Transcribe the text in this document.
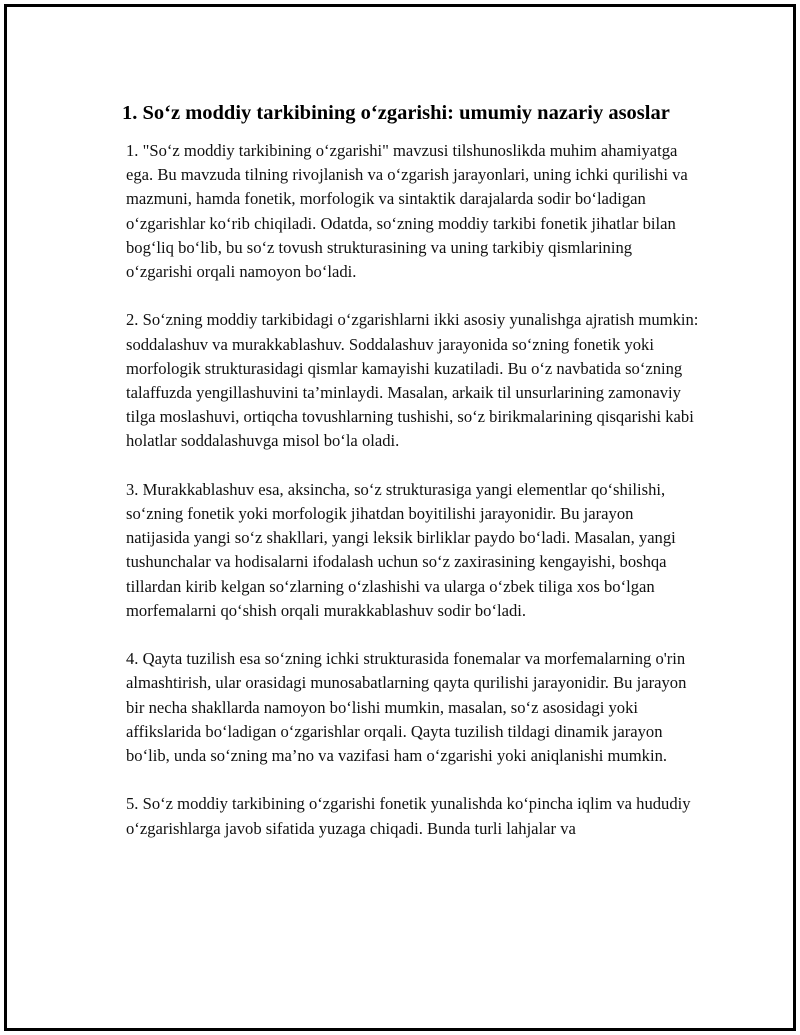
1. So‘z moddiy tarkibining o‘zgarishi: umumiy nazariy asoslar

1. "So‘z moddiy tarkibining o‘zgarishi" mavzusi tilshunoslikda muhim ahamiyatga ega. Bu mavzuda tilning rivojlanish va o‘zgarish jarayonlari, uning ichki qurilishi va mazmuni, hamda fonetik, morfologik va sintaktik darajalarda sodir bo‘ladigan o‘zgarishlar ko‘rib chiqiladi. Odatda, so‘zning moddiy tarkibi fonetik jihatlar bilan bog‘liq bo‘lib, bu so‘z tovush strukturasining va uning tarkibiy qismlarining o‘zgarishi orqali namoyon bo‘ladi.

2. So‘zning moddiy tarkibidagi o‘zgarishlarni ikki asosiy yunalishga ajratish mumkin: soddalashuv va murakkablashuv. Soddalashuv jarayonida so‘zning fonetik yoki morfologik strukturasidagi qismlar kamayishi kuzatiladi. Bu o‘z navbatida so‘zning talaffuzda yengillashuvini ta’minlaydi. Masalan, arkaik til unsurlarining zamonaviy tilga moslashuvi, ortiqcha tovushlarning tushishi, so‘z birikmalarining qisqarishi kabi holatlar soddalashuvga misol bo‘la oladi.

3. Murakkablashuv esa, aksincha, so‘z strukturasiga yangi elementlar qo‘shilishi, so‘zning fonetik yoki morfologik jihatdan boyitilishi jarayonidir. Bu jarayon natijasida yangi so‘z shakllari, yangi leksik birliklar paydo bo‘ladi. Masalan, yangi tushunchalar va hodisalarni ifodalash uchun so‘z zaxirasining kengayishi, boshqa tillardan kirib kelgan so‘zlarning o‘zlashishi va ularga o‘zbek tiliga xos bo‘lgan morfemalarni qo‘shish orqali murakkablashuv sodir bo‘ladi.

4. Qayta tuzilish esa so‘zning ichki strukturasida fonemalar va morfemalarning o'rin almashtirish, ular orasidagi munosabatlarning qayta qurilishi jarayonidir. Bu jarayon bir necha shakllarda namoyon bo‘lishi mumkin, masalan, so‘z asosidagi yoki affikslarida bo‘ladigan o‘zgarishlar orqali. Qayta tuzilish tildagi dinamik jarayon bo‘lib, unda so‘zning ma’no va vazifasi ham o‘zgarishi yoki aniqlanishi mumkin.

5. So‘z moddiy tarkibining o‘zgarishi fonetik yunalishda ko‘pincha iqlim va hududiy o‘zgarishlarga javob sifatida yuzaga chiqadi. Bunda turli lahjalar va
